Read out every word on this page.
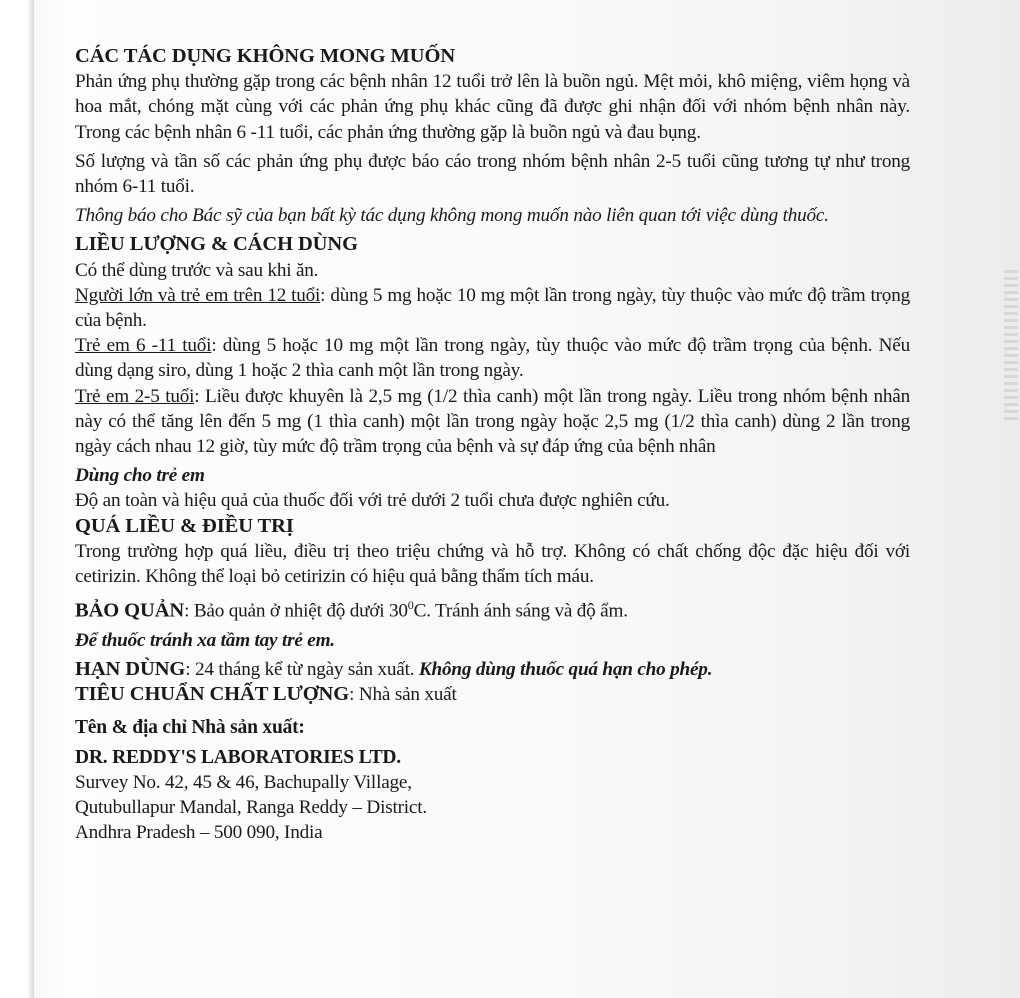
CÁC TÁC DỤNG KHÔNG MONG MUỐN

Phản ứng phụ thường gặp trong các bệnh nhân 12 tuổi trở lên là buồn ngủ. Mệt mỏi, khô miệng, viêm họng và hoa mắt, chóng mặt cùng với các phản ứng phụ khác cũng đã được ghi nhận đối với nhóm bệnh nhân này. Trong các bệnh nhân 6 -11 tuổi, các phản ứng thường gặp là buồn ngủ và đau bụng.

Số lượng và tần số các phản ứng phụ được báo cáo trong nhóm bệnh nhân 2-5 tuổi cũng tương tự như trong nhóm 6-11 tuổi.

Thông báo cho Bác sỹ của bạn bất kỳ tác dụng không mong muốn nào liên quan tới việc dùng thuốc.

LIỀU LƯỢNG & CÁCH DÙNG

Có thể dùng trước và sau khi ăn.

Người lớn và trẻ em trên 12 tuổi: dùng 5 mg hoặc 10 mg một lần trong ngày, tùy thuộc vào mức độ trầm trọng của bệnh.

Trẻ em 6 -11 tuổi: dùng 5 hoặc 10 mg một lần trong ngày, tùy thuộc vào mức độ trầm trọng của bệnh. Nếu dùng dạng siro, dùng 1 hoặc 2 thìa canh một lần trong ngày.

Trẻ em 2-5 tuổi: Liều được khuyên là 2,5 mg (1/2 thìa canh) một lần trong ngày. Liều trong nhóm bệnh nhân này có thể tăng lên đến 5 mg (1 thìa canh) một lần trong ngày hoặc 2,5 mg (1/2 thìa canh) dùng 2 lần trong ngày cách nhau 12 giờ, tùy mức độ trầm trọng của bệnh và sự đáp ứng của bệnh nhân

Dùng cho trẻ em

Độ an toàn và hiệu quả của thuốc đối với trẻ dưới 2 tuổi chưa được nghiên cứu.

QUÁ LIỀU & ĐIỀU TRỊ

Trong trường hợp quá liều, điều trị theo triệu chứng và hỗ trợ. Không có chất chống độc đặc hiệu đối với cetirizin. Không thể loại bỏ cetirizin có hiệu quả bằng thẩm tích máu.

BẢO QUẢN: Bảo quản ở nhiệt độ dưới $30^0C$. Tránh ánh sáng và độ ẩm.

Để thuốc tránh xa tầm tay trẻ em.

HẠN DÙNG: 24 tháng kể từ ngày sản xuất. Không dùng thuốc quá hạn cho phép.

TIÊU CHUẨN CHẤT LƯỢNG: Nhà sản xuất

Tên & địa chỉ Nhà sản xuất:

DR. REDDY'S LABORATORIES LTD.

Survey No. 42, 45 & 46, Bachupally Village,

Qutubullapur Mandal, Ranga Reddy – District.

Andhra Pradesh – 500 090, India
